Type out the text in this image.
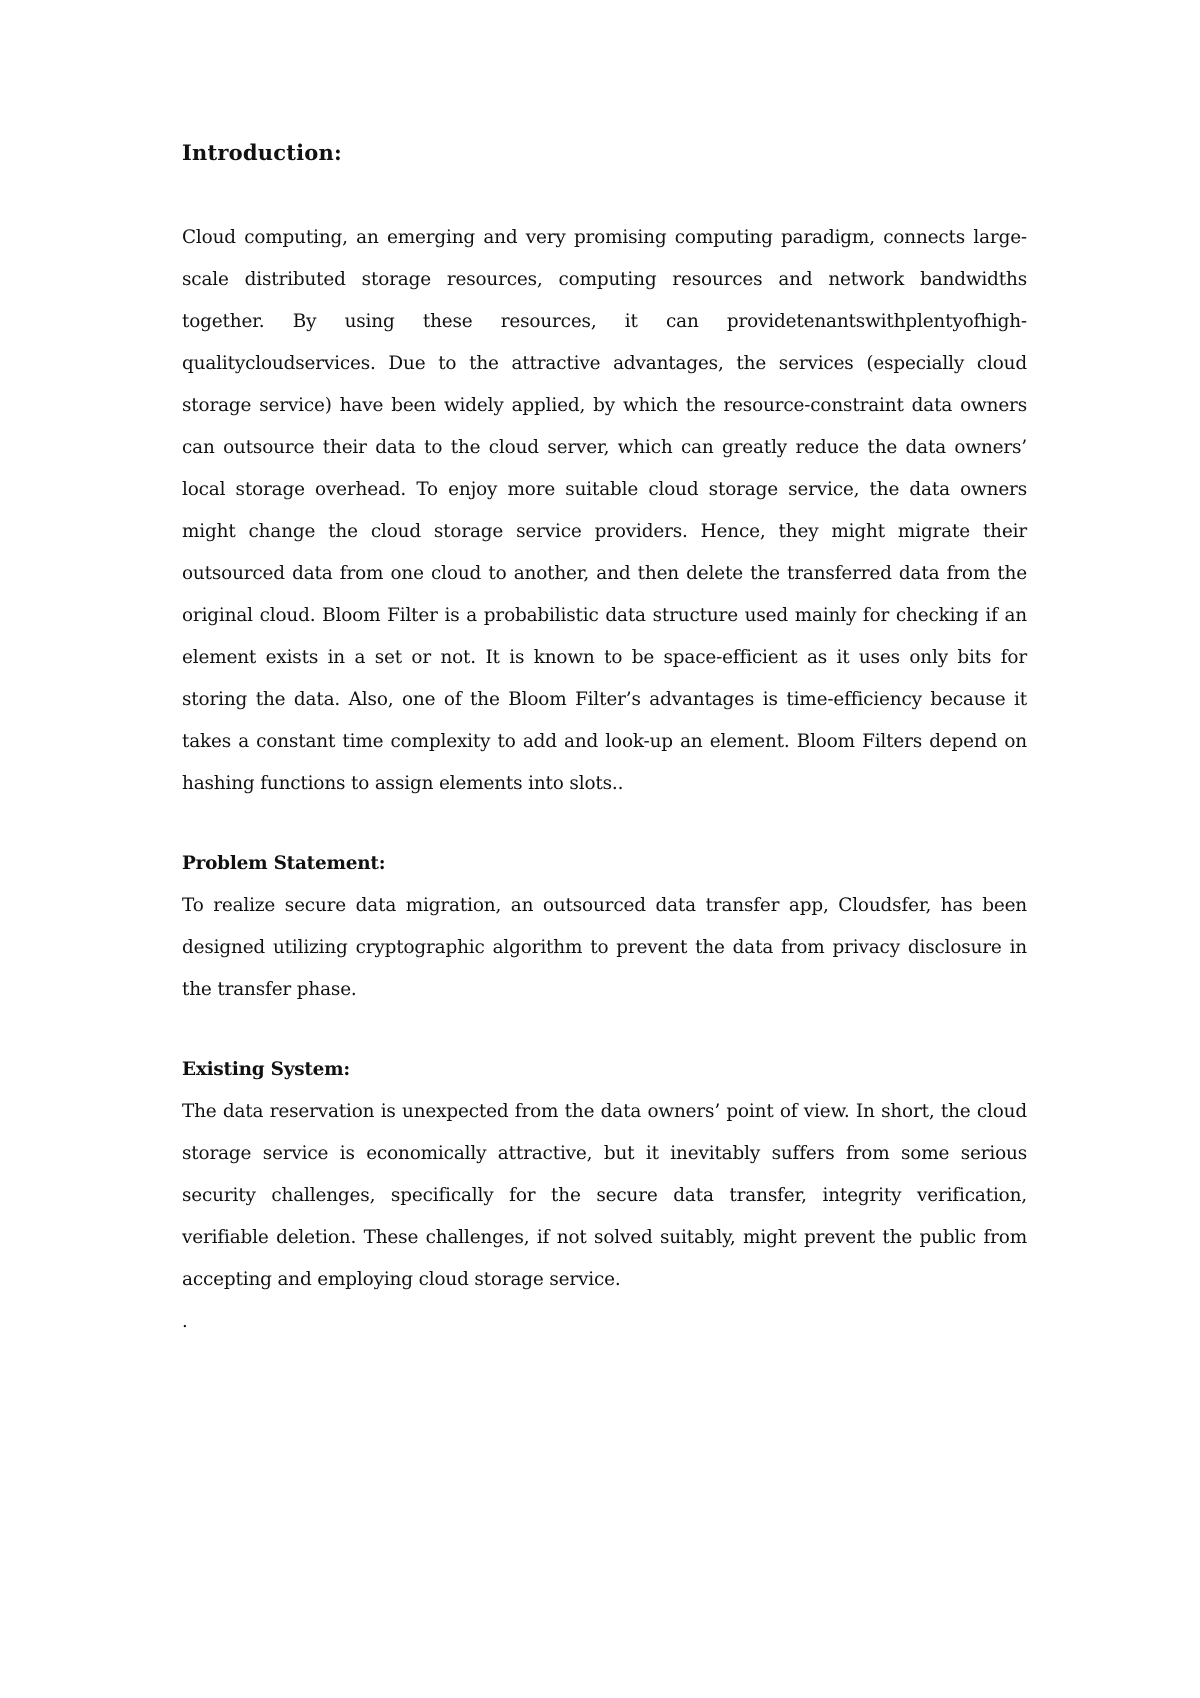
Introduction:

Cloud computing, an emerging and very promising computing paradigm, connects large-scale distributed storage resources, computing resources and network bandwidths together. By using these resources, it can providetenantswithplentyofhigh-qualitycloudservices. Due to the attractive advantages, the services (especially cloud storage service) have been widely applied, by which the resource-constraint data owners can outsource their data to the cloud server, which can greatly reduce the data owners’ local storage overhead. To enjoy more suitable cloud storage service, the data owners might change the cloud storage service providers. Hence, they might migrate their outsourced data from one cloud to another, and then delete the transferred data from the original cloud. Bloom Filter is a probabilistic data structure used mainly for checking if an element exists in a set or not. It is known to be space-efficient as it uses only bits for storing the data. Also, one of the Bloom Filter’s advantages is time-efficiency because it takes a constant time complexity to add and look-up an element. Bloom Filters depend on hashing functions to assign elements into slots..

Problem Statement:

To realize secure data migration, an outsourced data transfer app, Cloudsfer, has been designed utilizing cryptographic algorithm to prevent the data from privacy disclosure in the transfer phase.

Existing System:

The data reservation is unexpected from the data owners’ point of view. In short, the cloud storage service is economically attractive, but it inevitably suffers from some serious security challenges, specifically for the secure data transfer, integrity verification, verifiable deletion. These challenges, if not solved suitably, might prevent the public from accepting and employing cloud storage service.

.
